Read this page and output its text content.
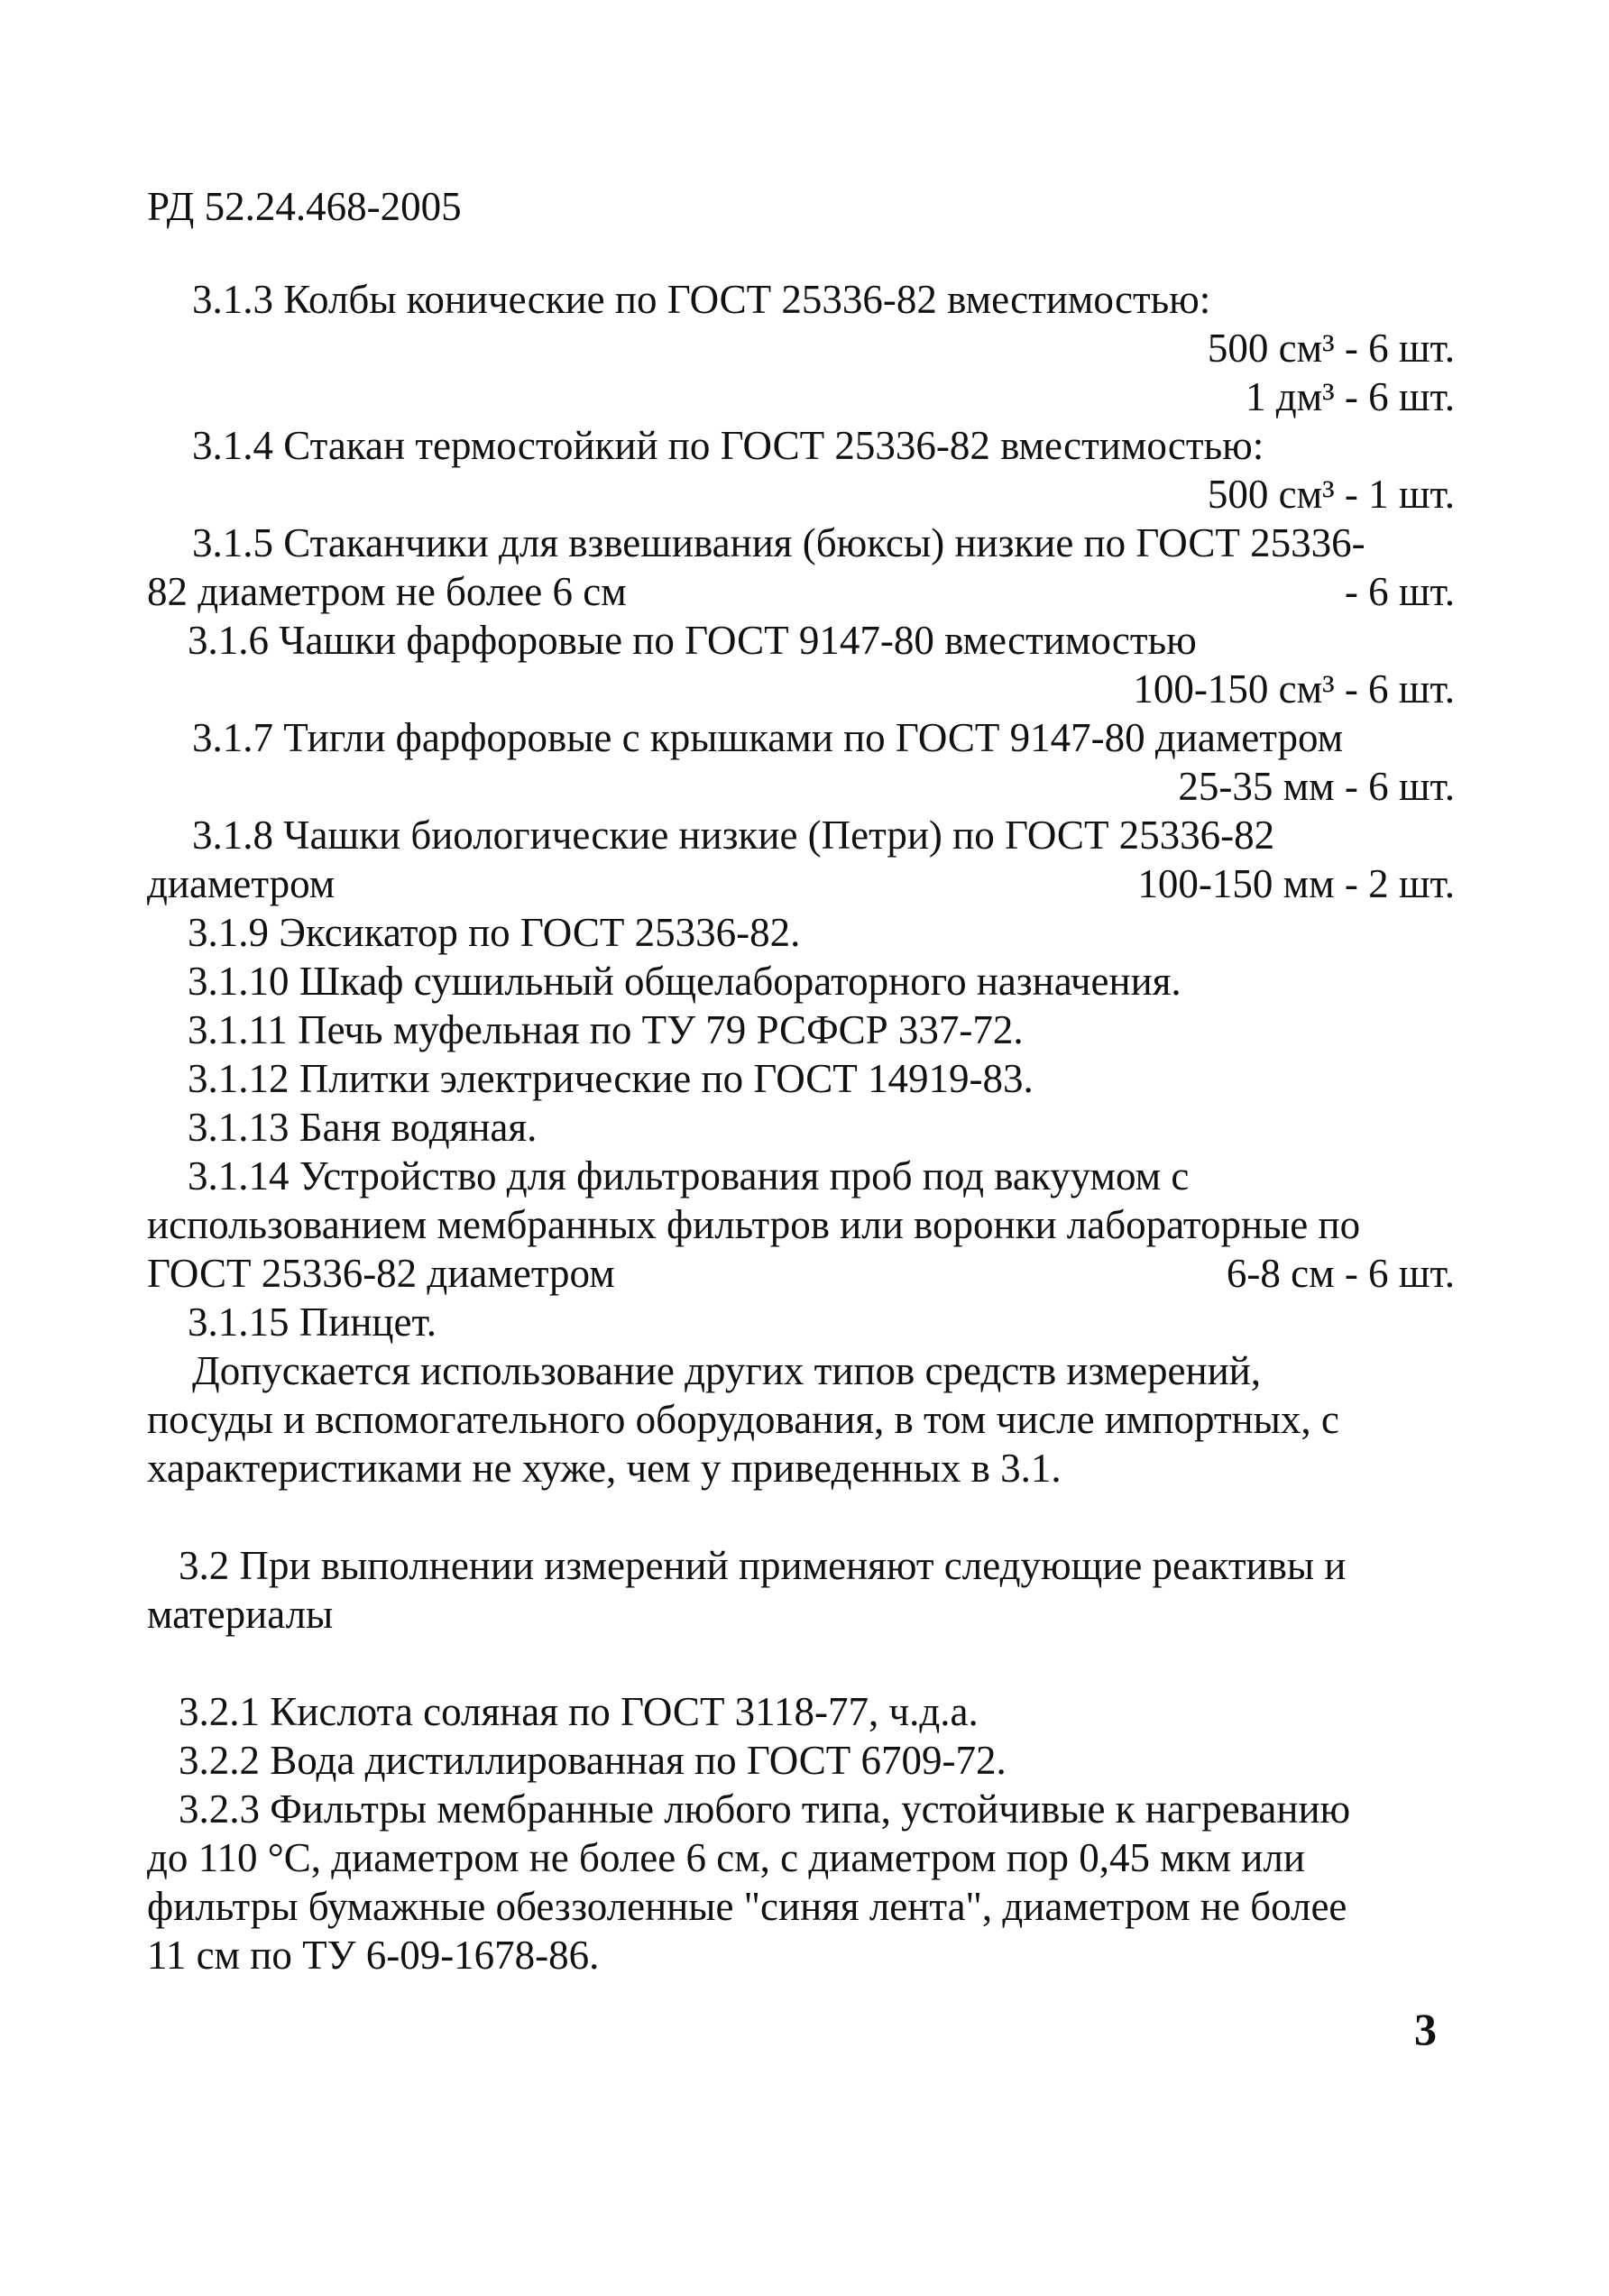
РД 52.24.468-2005
3.1.3 Колбы конические по ГОСТ 25336-82 вместимостью:
500 см³ - 6 шт.
1 дм³ - 6 шт.
3.1.4 Стакан термостойкий по ГОСТ 25336-82 вместимостью:
500 см³ - 1 шт.
3.1.5 Стаканчики для взвешивания (бюксы) низкие по ГОСТ 25336-
82 диаметром не более 6 см	- 6 шт.
3.1.6 Чашки фарфоровые по ГОСТ 9147-80 вместимостью
100-150 см³ - 6 шт.
3.1.7 Тигли фарфоровые с крышками по ГОСТ 9147-80 диаметром
25-35 мм - 6 шт.
3.1.8 Чашки биологические низкие (Петри) по ГОСТ 25336-82
диаметром	100-150 мм - 2 шт.
3.1.9 Эксикатор по ГОСТ 25336-82.
3.1.10 Шкаф сушильный общелабораторного назначения.
3.1.11 Печь муфельная по ТУ 79 РСФСР 337-72.
3.1.12 Плитки электрические по ГОСТ 14919-83.
3.1.13 Баня водяная.
3.1.14 Устройство для фильтрования проб под вакуумом с
использованием мембранных фильтров или воронки лабораторные по
ГОСТ 25336-82 диаметром	6-8 см - 6 шт.
3.1.15 Пинцет.
Допускается использование других типов средств измерений,
посуды и вспомогательного оборудования, в том числе импортных, с
характеристиками не хуже, чем у приведенных в 3.1.
3.2 При выполнении измерений применяют следующие реактивы и
материалы
3.2.1 Кислота соляная по ГОСТ 3118-77, ч.д.а.
3.2.2 Вода дистиллированная по ГОСТ 6709-72.
3.2.3 Фильтры мембранные любого типа, устойчивые к нагреванию
до 110 °С, диаметром не более 6 см, с диаметром пор 0,45 мкм или
фильтры бумажные обеззоленные "синяя лента", диаметром не более
11 см по ТУ 6-09-1678-86.
3
